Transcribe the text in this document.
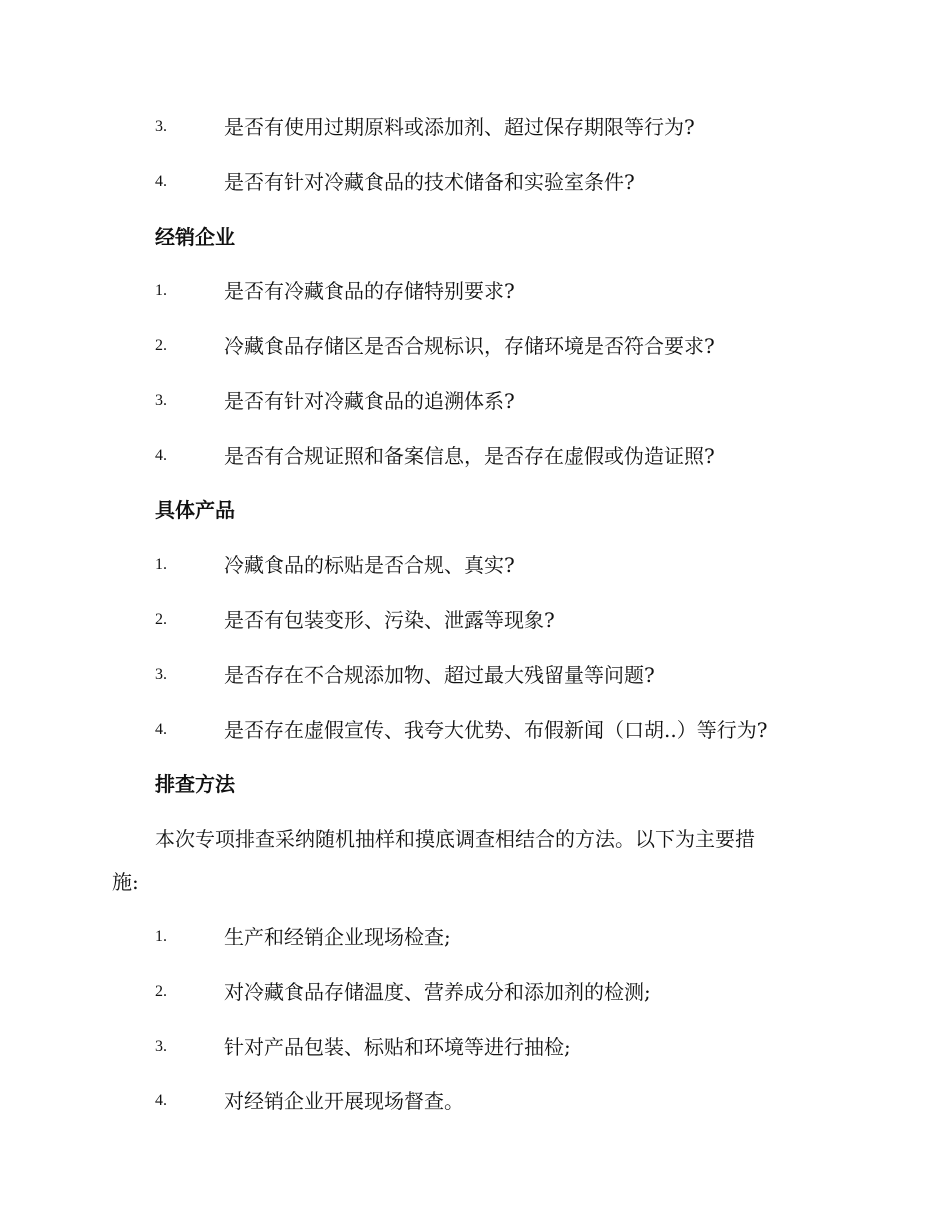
3.	是否有使用过期原料或添加剂、超过保存期限等行为?
4.	是否有针对冷藏食品的技术储备和实验室条件?
经销企业
1.	是否有冷藏食品的存储特别要求?
2.	冷藏食品存储区是否合规标识，存储环境是否符合要求?
3.	是否有针对冷藏食品的追溯体系?
4.	是否有合规证照和备案信息，是否存在虚假或伪造证照?
具体产品
1.	冷藏食品的标贴是否合规、真实?
2.	是否有包装变形、污染、泄露等现象?
3.	是否存在不合规添加物、超过最大残留量等问题?
4.	是否存在虚假宣传、我夸大优势、布假新闻（口胡..）等行为?
排查方法
本次专项排查采纳随机抽样和摸底调查相结合的方法。以下为主要措
施:
1.	生产和经销企业现场检查;
2.	对冷藏食品存储温度、营养成分和添加剂的检测;
3.	针对产品包装、标贴和环境等进行抽检;
4.	对经销企业开展现场督查。
